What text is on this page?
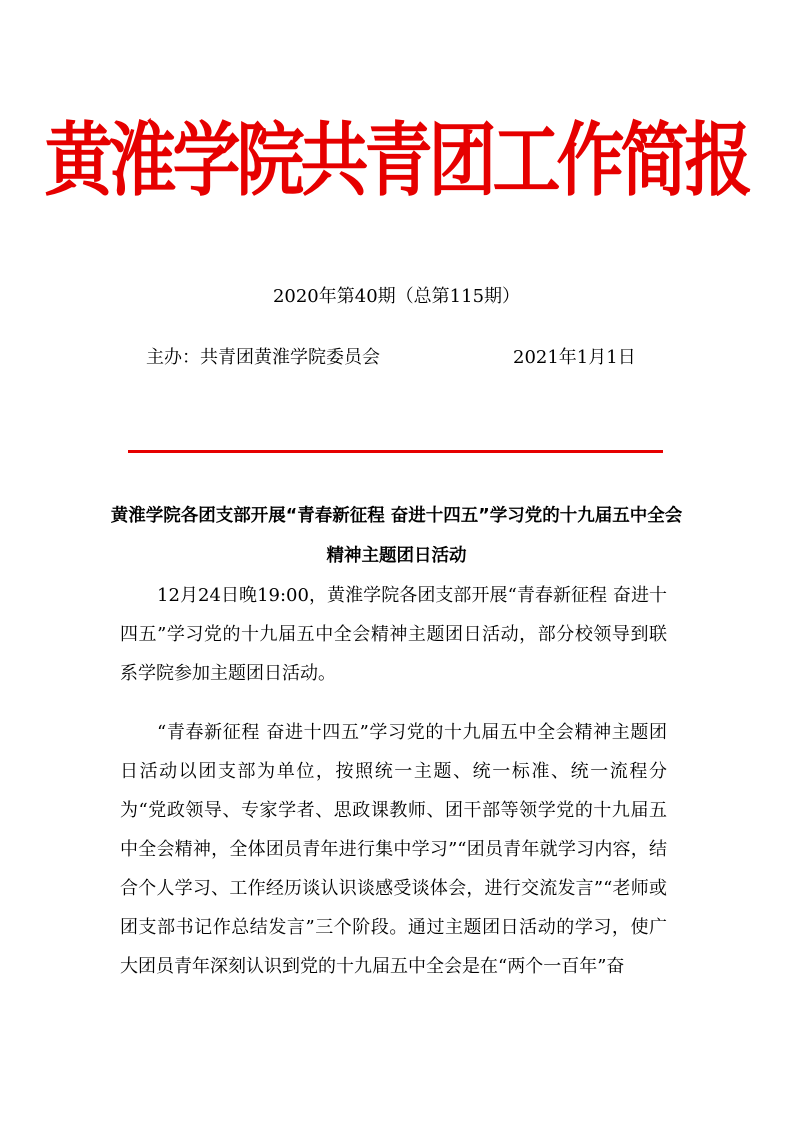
黄淮学院共青团工作简报
2020年第40期（总第115期）
主办：共青团黄淮学院委员会	2021年1月1日
黄淮学院各团支部开展“青春新征程 奋进十四五”学习党的十九届五中全会精神主题团日活动

12月24日晚19:00，黄淮学院各团支部开展“青春新征程 奋进十四五”学习党的十九届五中全会精神主题团日活动，部分校领导到联系学院参加主题团日活动。

“青春新征程 奋进十四五”学习党的十九届五中全会精神主题团日活动以团支部为单位，按照统一主题、统一标准、统一流程分为“党政领导、专家学者、思政课教师、团干部等领学党的十九届五中全会精神，全体团员青年进行集中学习”“团员青年就学习内容，结合个人学习、工作经历谈认识谈感受谈体会，进行交流发言”“老师或团支部书记作总结发言”三个阶段。通过主题团日活动的学习，使广大团员青年深刻认识到党的十九届五中全会是在“两个一百年”奋
